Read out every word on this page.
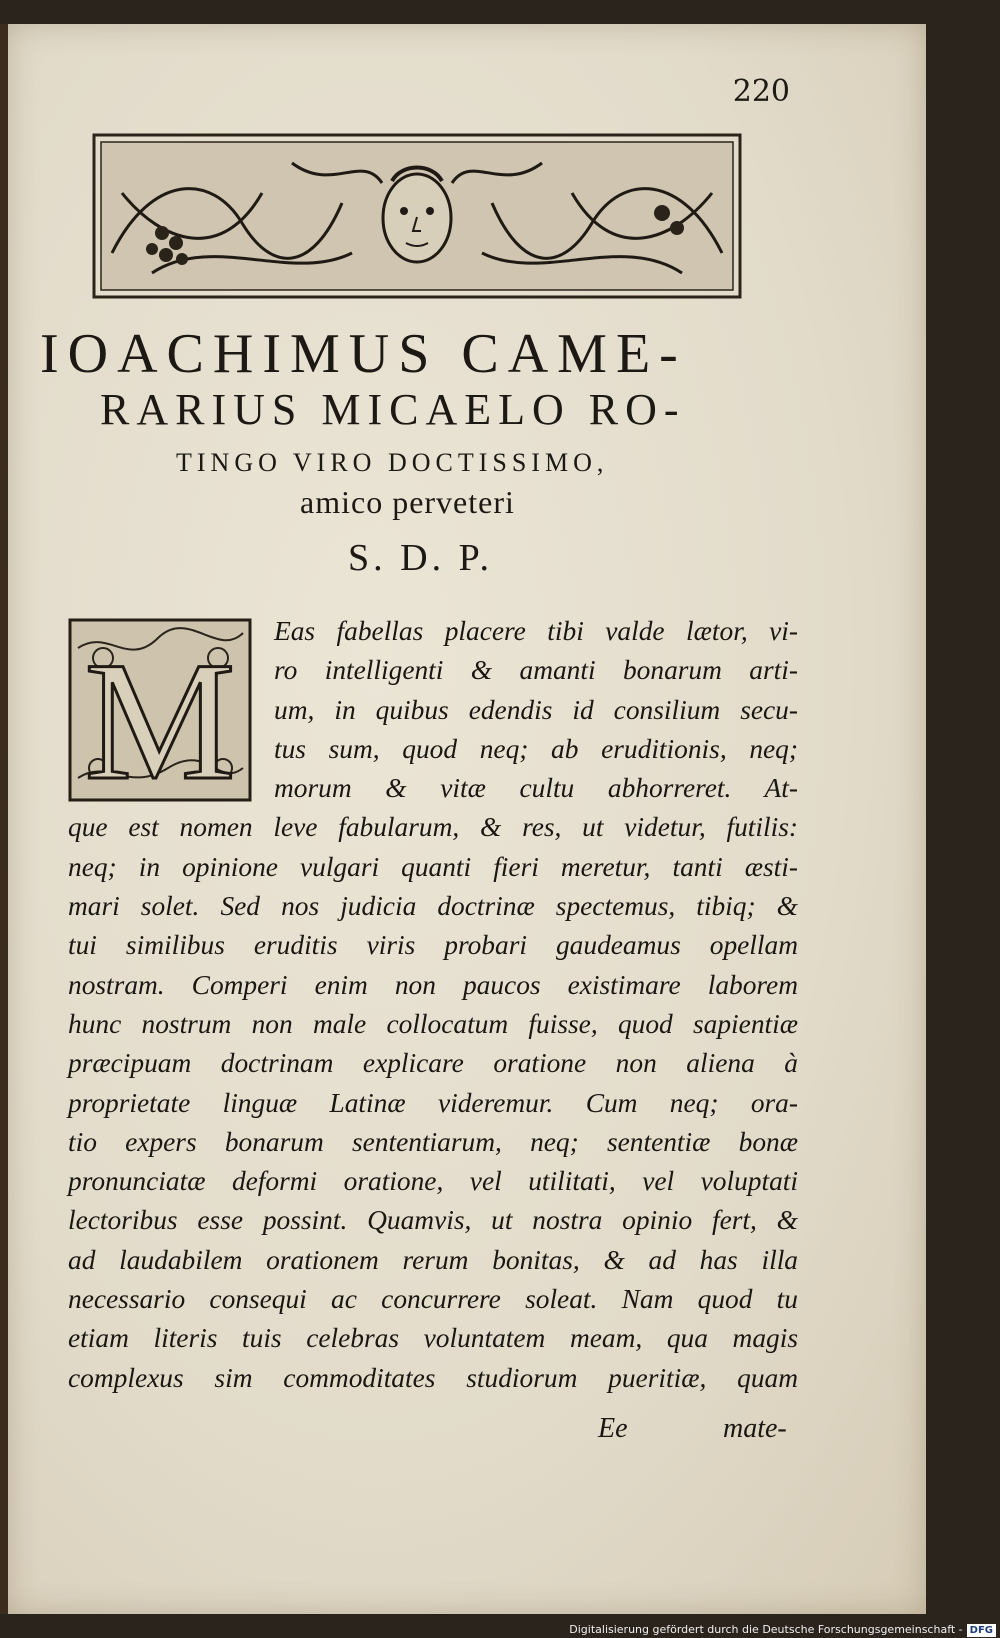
220
IOACHIMUS CAME-
RARIUS MICAELO RO-
TINGO VIRO DOCTISSIMO,
amico perveteri
S. D. P.
M	Eas fabellas placere tibi valde lætor, vi-
ro intelligenti & amanti bonarum arti-
um, in quibus edendis id consilium secu-
tus sum, quod neq; ab eruditionis, neq;
morum & vitæ cultu abhorreret. At-
que est nomen leve fabularum, & res, ut videtur, futilis:
neq; in opinione vulgari quanti fieri meretur, tanti æsti-
mari solet. Sed nos judicia doctrinæ spectemus, tibiq; &
tui similibus eruditis viris probari gaudeamus opellam
nostram. Comperi enim non paucos existimare laborem
hunc nostrum non male collocatum fuisse, quod sapientiæ
præcipuam doctrinam explicare oratione non aliena à
proprietate linguæ Latinæ videremur. Cum neq; ora-
tio expers bonarum sententiarum, neq; sententiæ bonæ
pronunciatæ deformi oratione, vel utilitati, vel voluptati
lectoribus esse possint. Quamvis, ut nostra opinio fert, &
ad laudabilem orationem rerum bonitas, & ad has illa
necessario consequi ac concurrere soleat. Nam quod tu
etiam literis tuis celebras voluntatem meam, qua magis
complexus sim commoditates studiorum pueritiæ, quam
Ee	mate-
Digitalisierung gefördert durch die Deutsche Forschungsgemeinschaft - DFG
